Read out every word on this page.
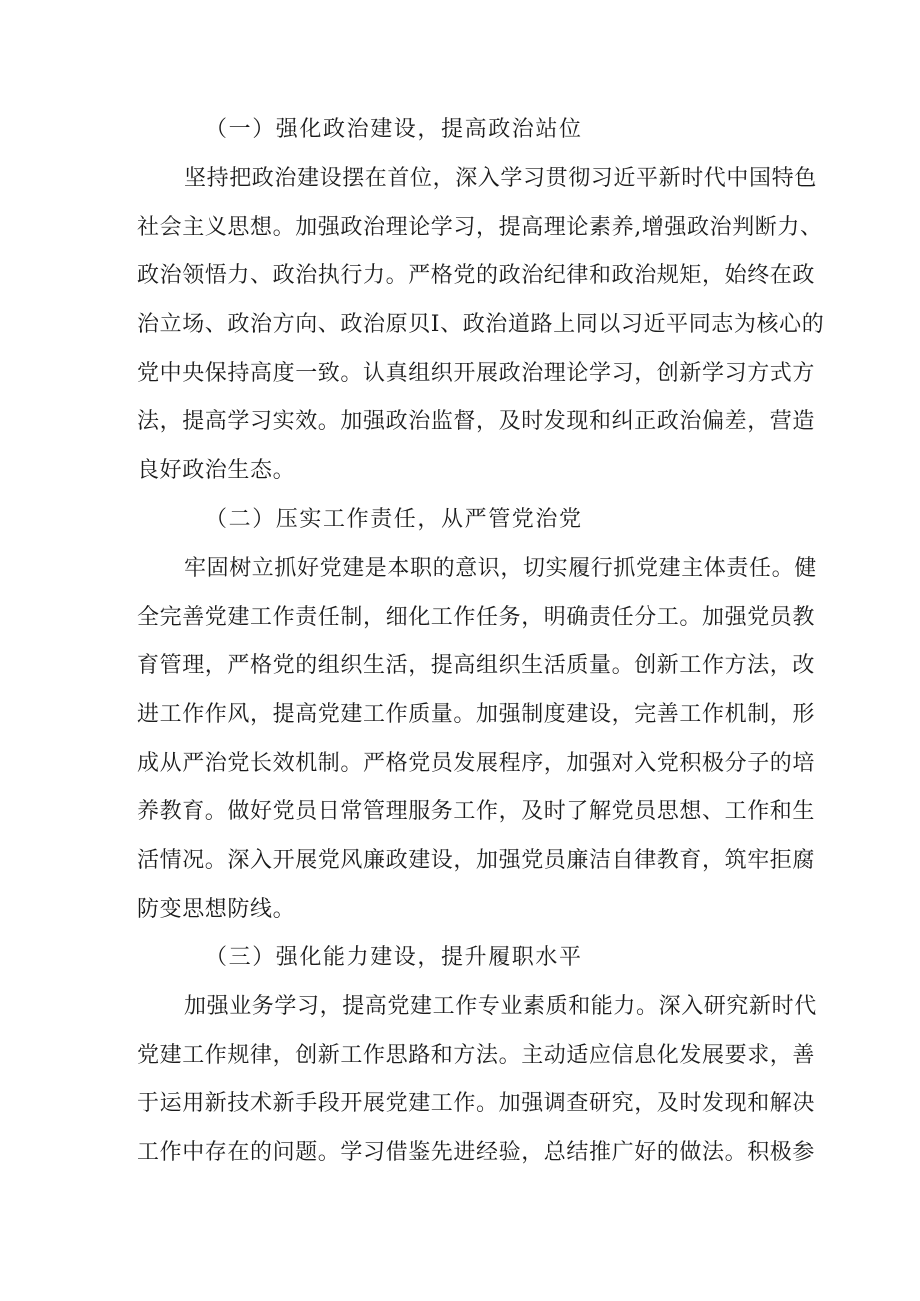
（一）强化政治建设，提高政治站位
坚持把政治建设摆在首位，深入学习贯彻习近平新时代中国特色
社会主义思想。加强政治理论学习，提高理论素养,增强政治判断力、
政治领悟力、政治执行力。严格党的政治纪律和政治规矩，始终在政
治立场、政治方向、政治原贝I、政治道路上同以习近平同志为核心的
党中央保持高度一致。认真组织开展政治理论学习，创新学习方式方
法，提高学习实效。加强政治监督，及时发现和纠正政治偏差，营造
良好政治生态。
（二）压实工作责任，从严管党治党
牢固树立抓好党建是本职的意识，切实履行抓党建主体责任。健
全完善党建工作责任制，细化工作任务，明确责任分工。加强党员教
育管理，严格党的组织生活，提高组织生活质量。创新工作方法，改
进工作作风，提高党建工作质量。加强制度建设，完善工作机制，形
成从严治党长效机制。严格党员发展程序，加强对入党积极分子的培
养教育。做好党员日常管理服务工作，及时了解党员思想、工作和生
活情况。深入开展党风廉政建设，加强党员廉洁自律教育，筑牢拒腐
防变思想防线。
（三）强化能力建设，提升履职水平
加强业务学习，提高党建工作专业素质和能力。深入研究新时代
党建工作规律，创新工作思路和方法。主动适应信息化发展要求，善
于运用新技术新手段开展党建工作。加强调查研究，及时发现和解决
工作中存在的问题。学习借鉴先进经验，总结推广好的做法。积极参
